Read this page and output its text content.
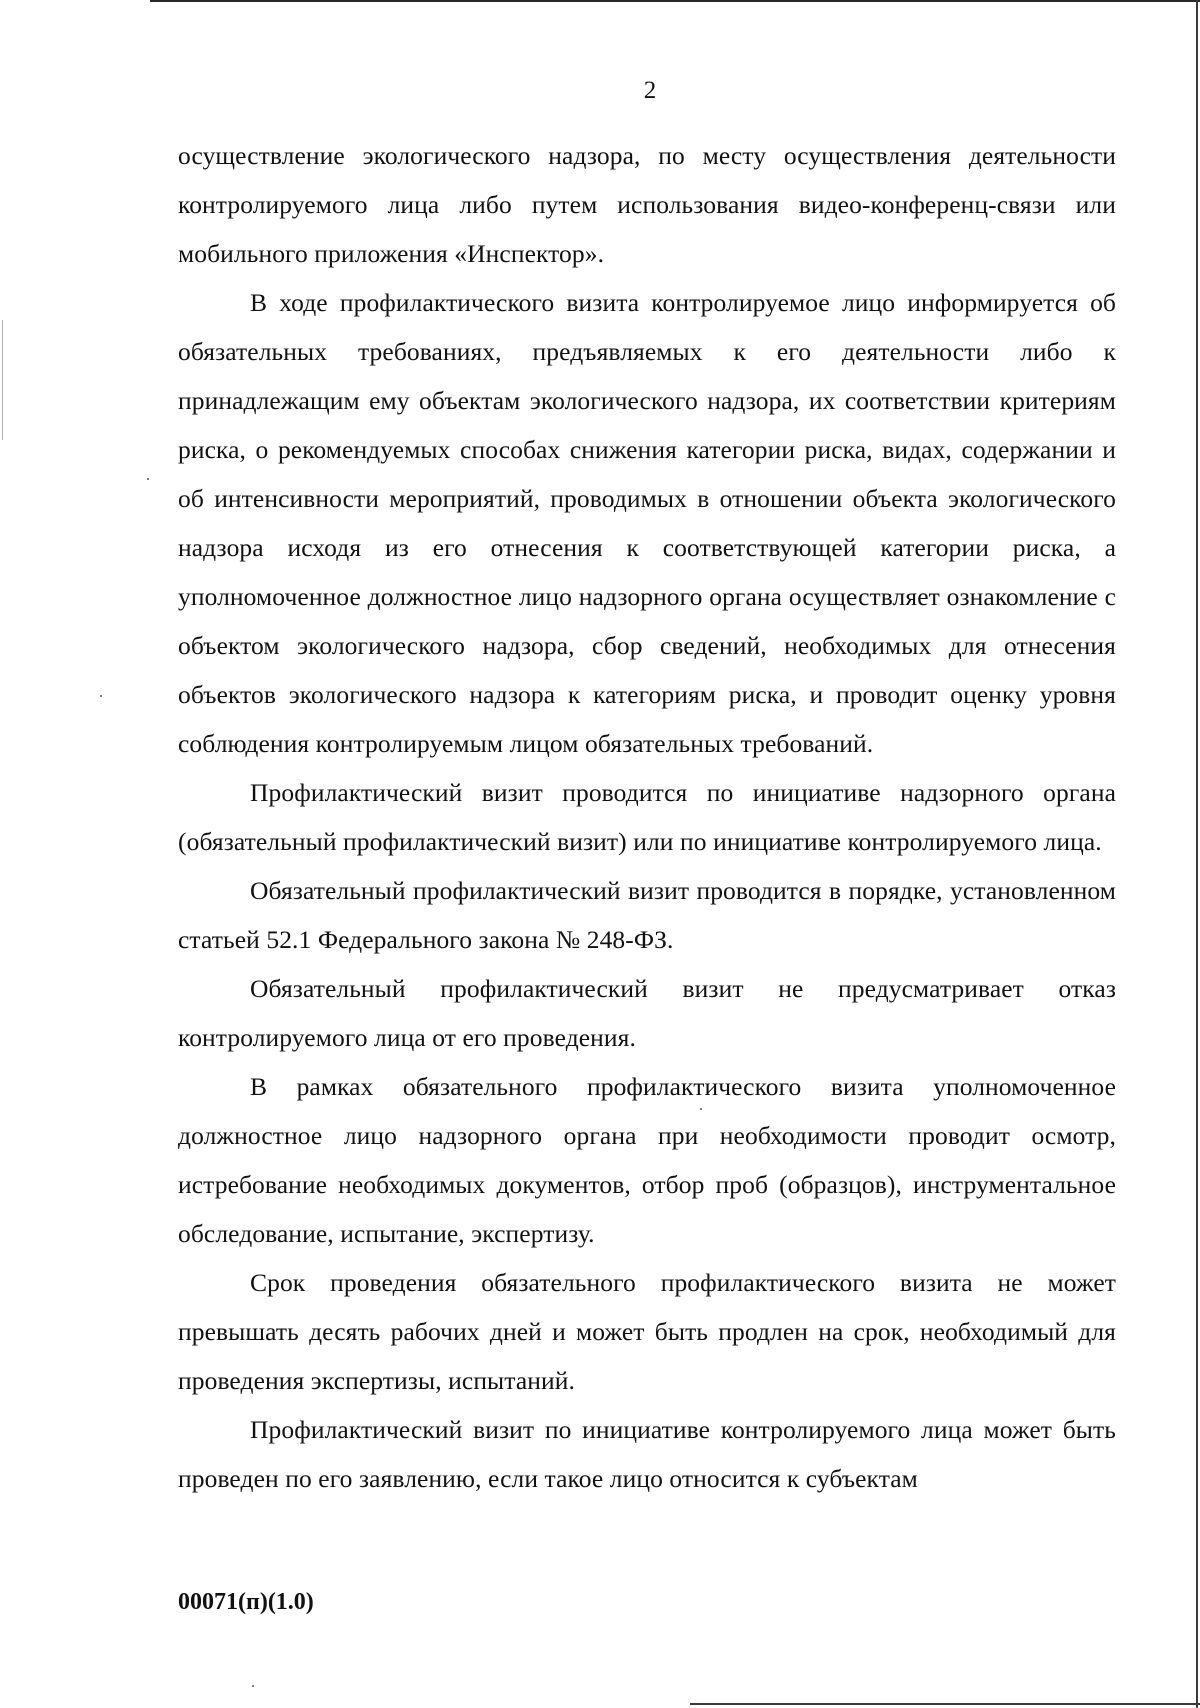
2

осуществление экологического надзора, по месту осуществления деятельности контролируемого лица либо путем использования видео-конференц-связи или мобильного приложения «Инспектор».

В ходе профилактического визита контролируемое лицо информируется об обязательных требованиях, предъявляемых к его деятельности либо к принадлежащим ему объектам экологического надзора, их соответствии критериям риска, о рекомендуемых способах снижения категории риска, видах, содержании и об интенсивности мероприятий, проводимых в отношении объекта экологического надзора исходя из его отнесения к соответствующей категории риска, а уполномоченное должностное лицо надзорного органа осуществляет ознакомление с объектом экологического надзора, сбор сведений, необходимых для отнесения объектов экологического надзора к категориям риска, и проводит оценку уровня соблюдения контролируемым лицом обязательных требований.

Профилактический визит проводится по инициативе надзорного органа (обязательный профилактический визит) или по инициативе контролируемого лица.

Обязательный профилактический визит проводится в порядке, установленном статьей 52.1 Федерального закона № 248-ФЗ.

Обязательный профилактический визит не предусматривает отказ контролируемого лица от его проведения.

В рамках обязательного профилактического визита уполномоченное должностное лицо надзорного органа при необходимости проводит осмотр, истребование необходимых документов, отбор проб (образцов), инструментальное обследование, испытание, экспертизу.

Срок проведения обязательного профилактического визита не может превышать десять рабочих дней и может быть продлен на срок, необходимый для проведения экспертизы, испытаний.

Профилактический визит по инициативе контролируемого лица может быть проведен по его заявлению, если такое лицо относится к субъектам

00071(п)(1.0)
